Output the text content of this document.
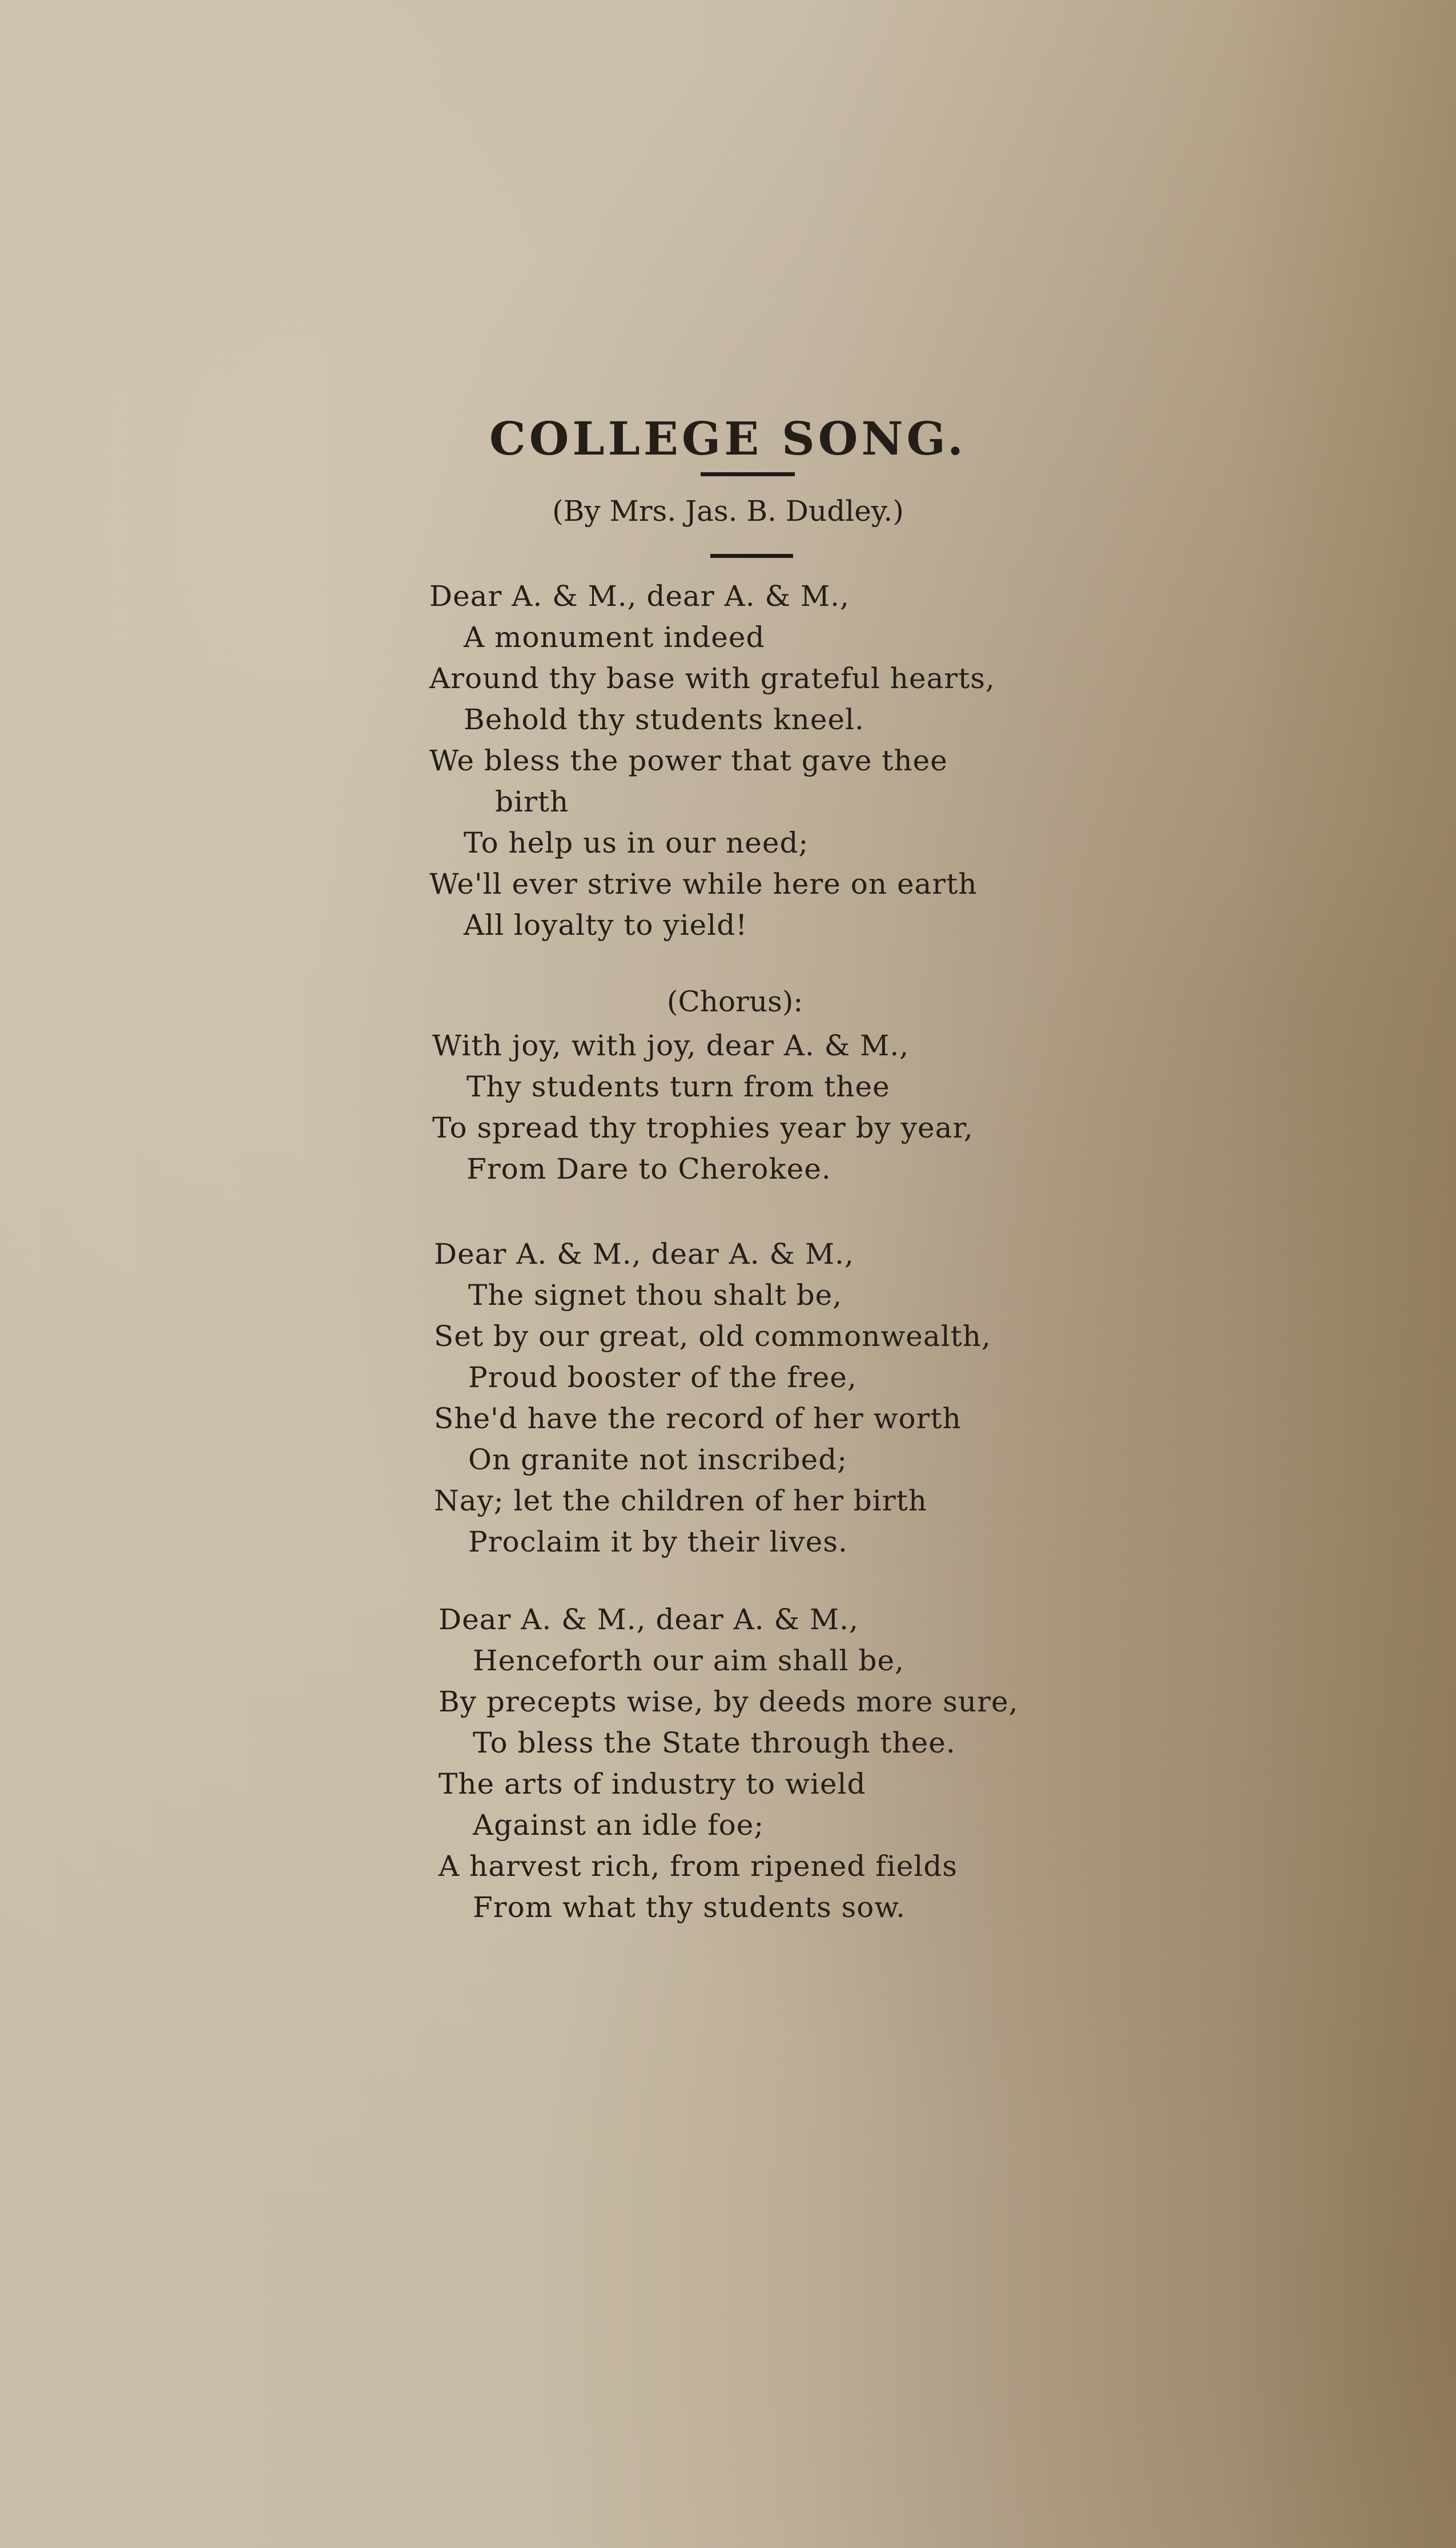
COLLEGE SONG.

(By Mrs. Jas. B. Dudley.)

Dear A. & M., dear A. & M.,
A monument indeed
Around thy base with grateful hearts,
Behold thy students kneel.
We bless the power that gave thee
birth
To help us in our need;
We'll ever strive while here on earth
All loyalty to yield!

(Chorus):

With joy, with joy, dear A. & M.,
Thy students turn from thee
To spread thy trophies year by year,
From Dare to Cherokee.
Dear A. & M., dear A. & M.,
The signet thou shalt be,
Set by our great, old commonwealth,
Proud booster of the free,
She'd have the record of her worth
On granite not inscribed;
Nay; let the children of her birth
Proclaim it by their lives.
Dear A. & M., dear A. & M.,
Henceforth our aim shall be,
By precepts wise, by deeds more sure,
To bless the State through thee.
The arts of industry to wield
Against an idle foe;
A harvest rich, from ripened fields
From what thy students sow.
